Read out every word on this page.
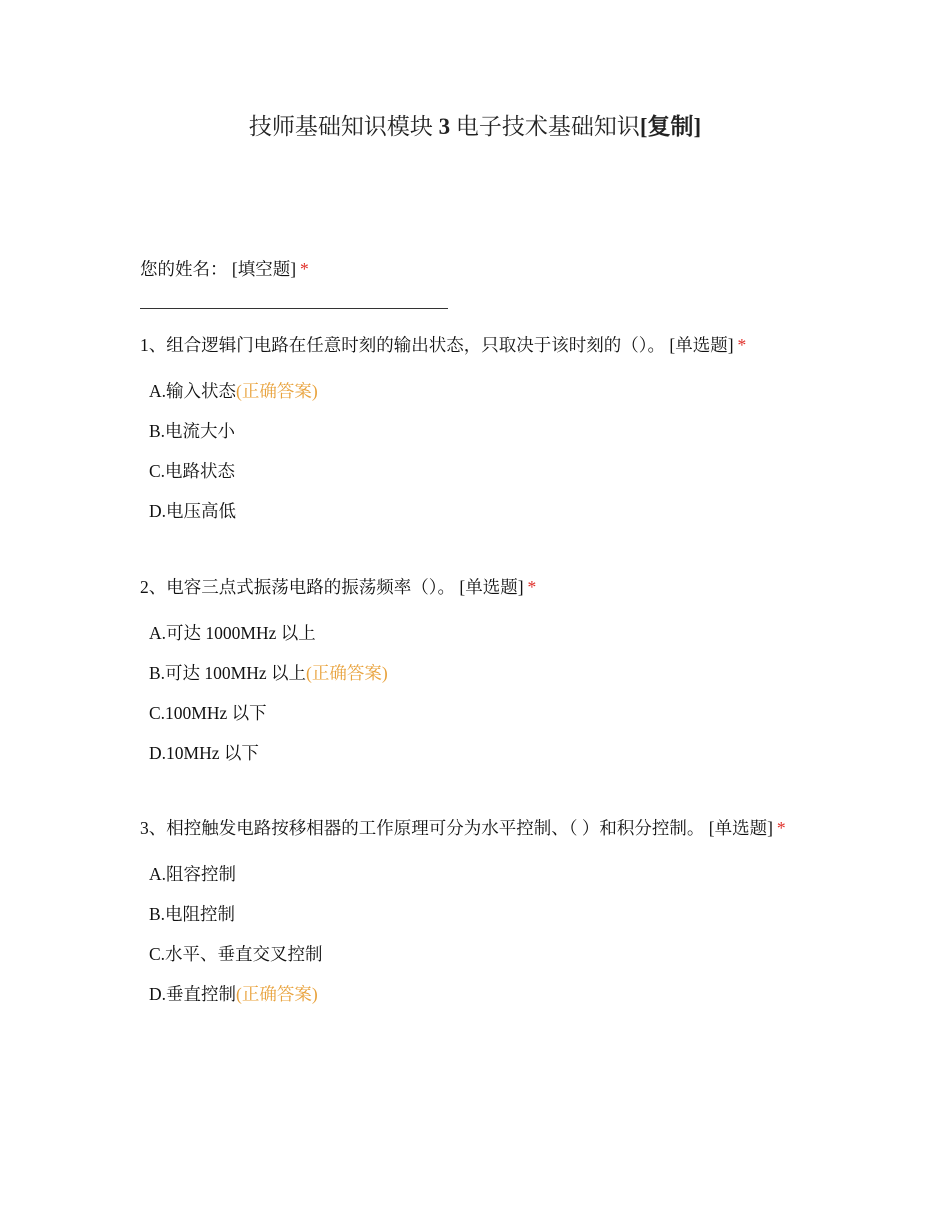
技师基础知识模块 3 电子技术基础知识[复制]
您的姓名： [填空题] *
1、组合逻辑门电路在任意时刻的输出状态，只取决于该时刻的（）。 [单选题] *
A.输入状态(正确答案)
B.电流大小
C.电路状态
D.电压高低
2、电容三点式振荡电路的振荡频率（）。 [单选题] *
A.可达 1000MHz 以上
B.可达 100MHz 以上(正确答案)
C.100MHz 以下
D.10MHz 以下
3、相控触发电路按移相器的工作原理可分为水平控制、（ ）和积分控制。 [单选题] *
A.阻容控制
B.电阻控制
C.水平、垂直交叉控制
D.垂直控制(正确答案)
